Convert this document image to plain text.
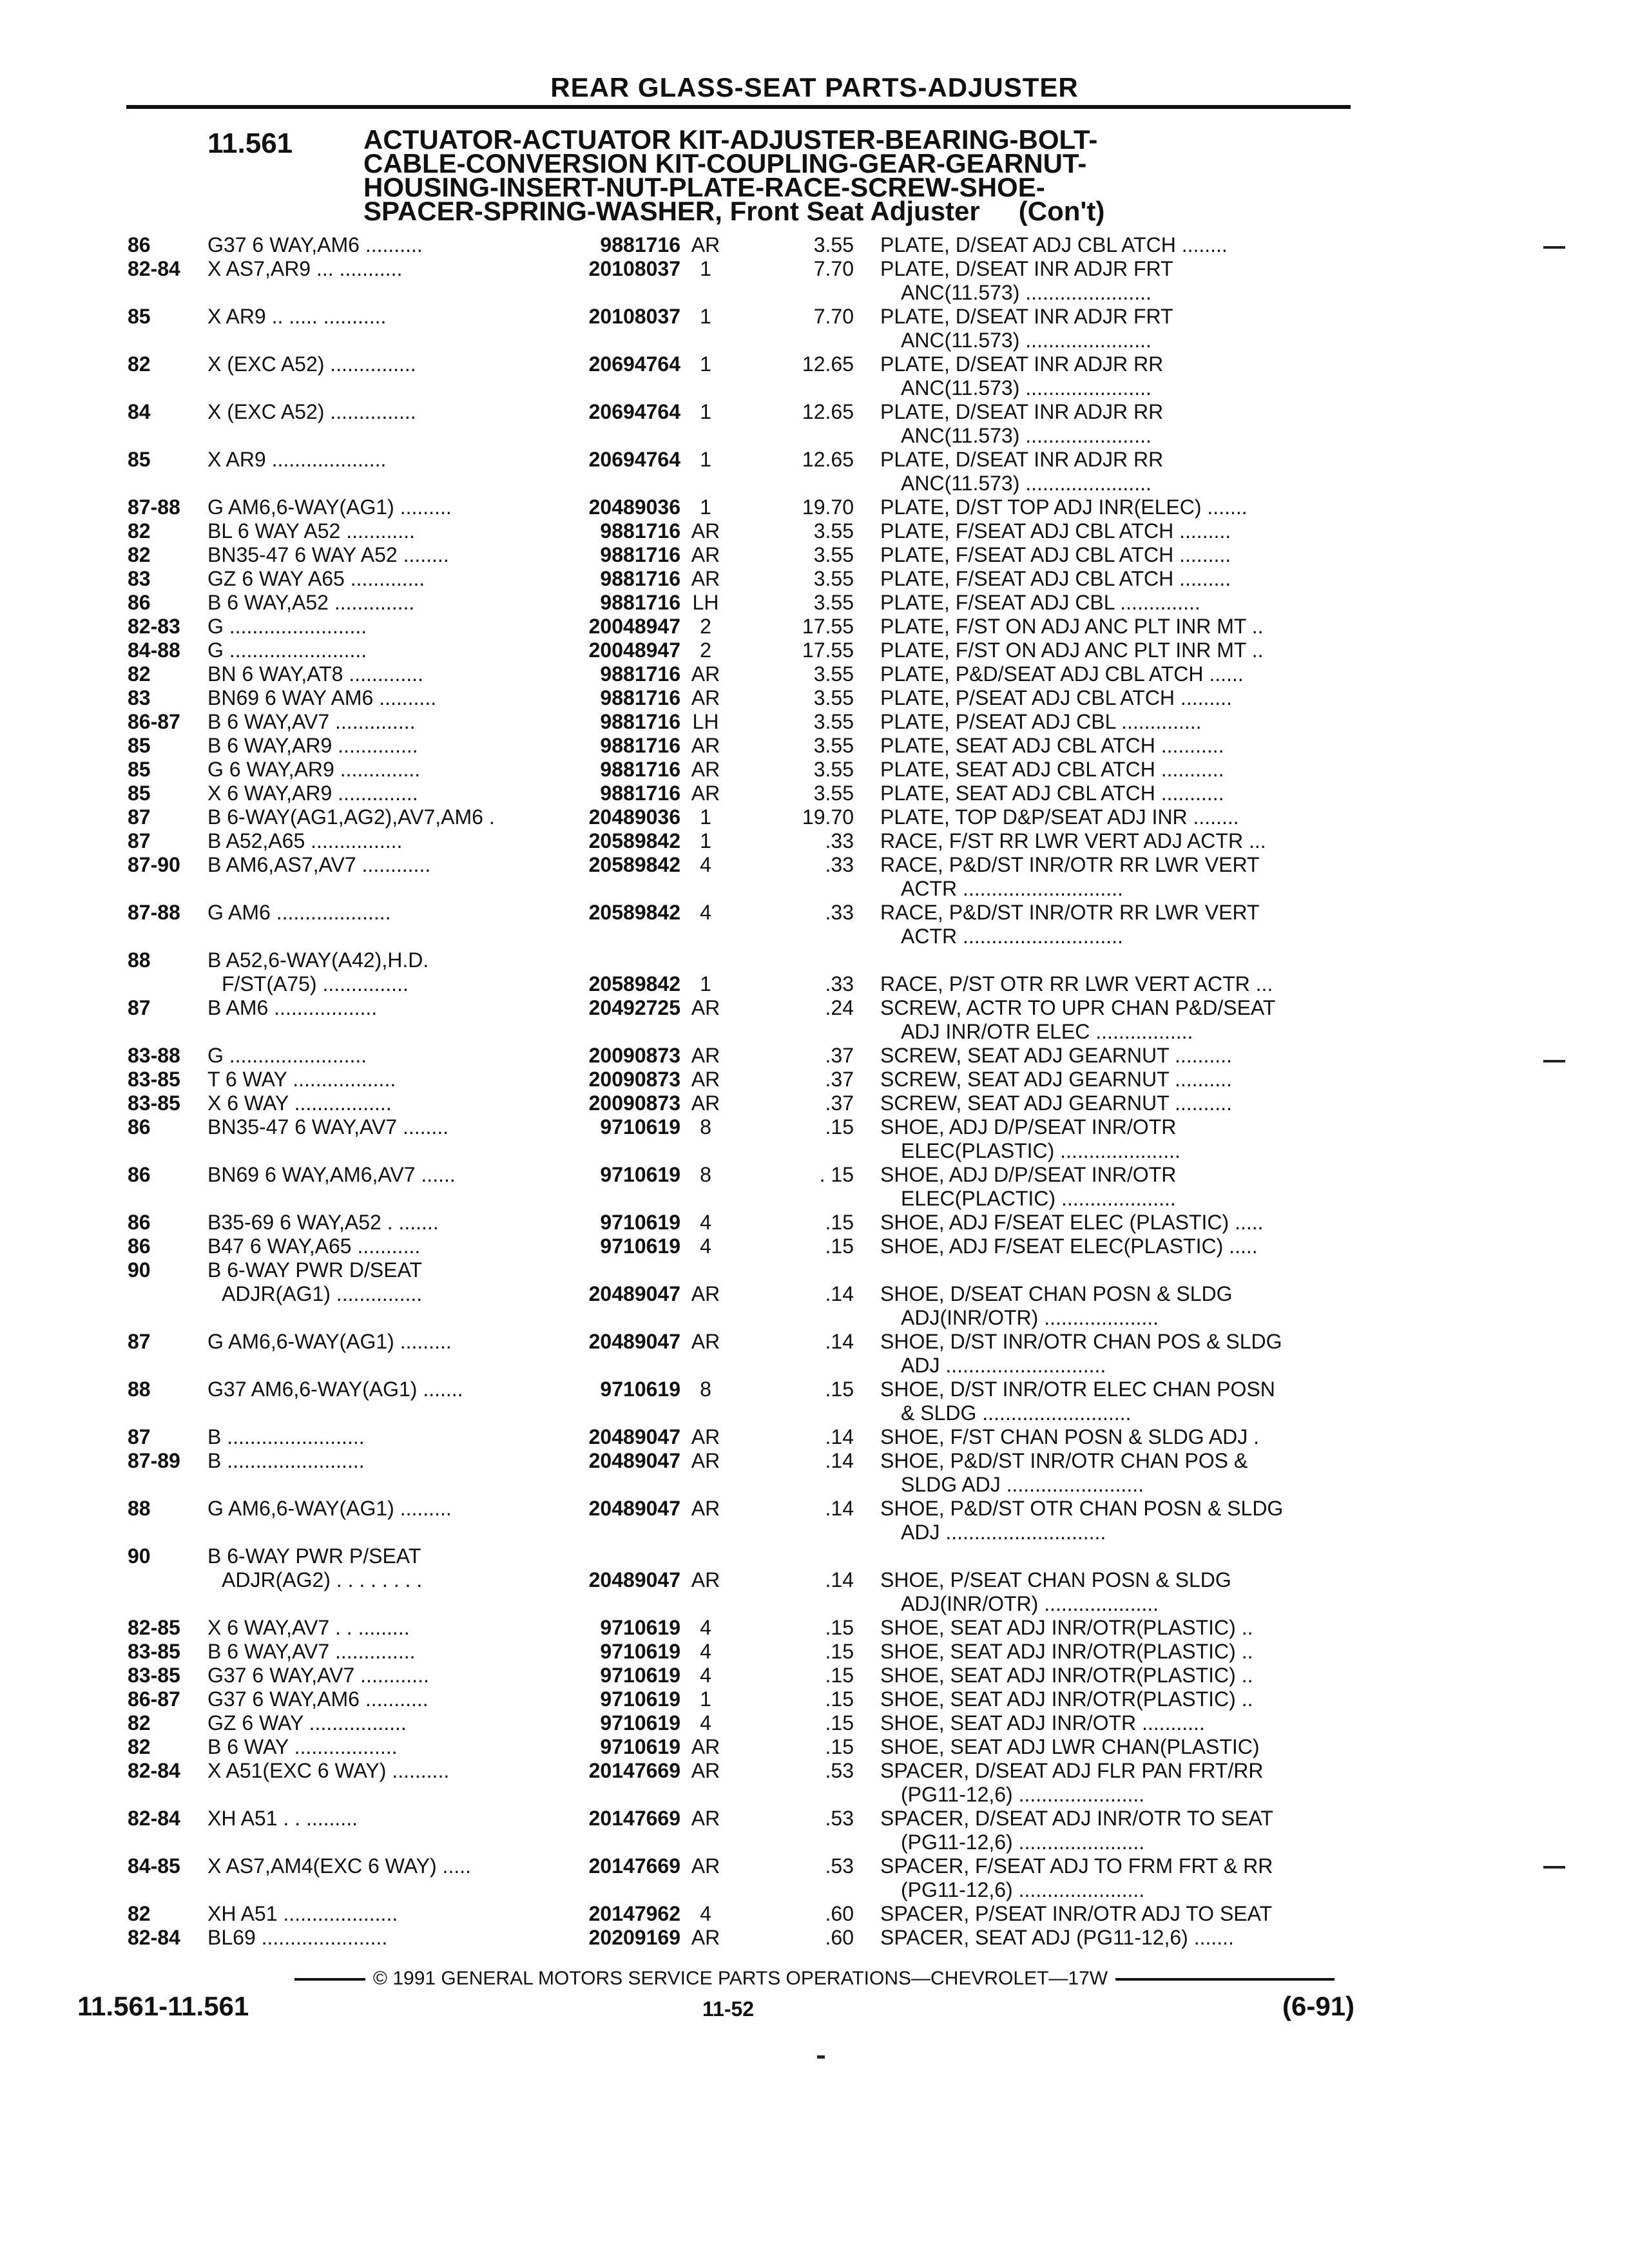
REAR GLASS-SEAT PARTS-ADJUSTER
11.561	ACTUATOR-ACTUATOR KIT-ADJUSTER-BEARING-BOLT-
CABLE-CONVERSION KIT-COUPLING-GEAR-GEARNUT-
HOUSING-INSERT-NUT-PLATE-RACE-SCREW-SHOE-
SPACER-SPRING-WASHER, Front Seat Adjuster (Con't)
86	G37 6 WAY,AM6 ..........	9881716 AR	3.55 PLATE, D/SEAT ADJ CBL ATCH ........
82-84 X AS7,AR9 ... ...........	20108037 1	7.70 PLATE, D/SEAT INR ADJR FRT
ANC(11.573) ......................
85	X AR9 .. ..... ...........	20108037 1	7.70 PLATE, D/SEAT INR ADJR FRT
ANC(11.573) ......................
82	X (EXC A52) ...............	20694764 1	12.65 PLATE, D/SEAT INR ADJR RR
ANC(11.573) ......................
84	X (EXC A52) ...............	20694764 1	12.65 PLATE, D/SEAT INR ADJR RR
ANC(11.573) ......................
85	X AR9 ....................	20694764 1	12.65 PLATE, D/SEAT INR ADJR RR
ANC(11.573) ......................
87-88 G AM6,6-WAY(AG1) .........	20489036 1	19.70 PLATE, D/ST TOP ADJ INR(ELEC) .......
82	BL 6 WAY A52 ............	9881716 AR	3.55 PLATE, F/SEAT ADJ CBL ATCH .........
82	BN35-47 6 WAY A52 ........	9881716 AR	3.55 PLATE, F/SEAT ADJ CBL ATCH .........
83	GZ 6 WAY A65 .............	9881716 AR	3.55 PLATE, F/SEAT ADJ CBL ATCH .........
86	B 6 WAY,A52 ..............	9881716 LH	3.55 PLATE, F/SEAT ADJ CBL ..............
82-83 G ........................	20048947 2	17.55 PLATE, F/ST ON ADJ ANC PLT INR MT ..
84-88 G ........................	20048947 2	17.55 PLATE, F/ST ON ADJ ANC PLT INR MT ..
82	BN 6 WAY,AT8 .............	9881716 AR	3.55 PLATE, P&D/SEAT ADJ CBL ATCH ......
83	BN69 6 WAY AM6 ..........	9881716 AR	3.55 PLATE, P/SEAT ADJ CBL ATCH .........
86-87 B 6 WAY,AV7 ..............	9881716 LH	3.55 PLATE, P/SEAT ADJ CBL ..............
85	B 6 WAY,AR9 ..............	9881716 AR	3.55 PLATE, SEAT ADJ CBL ATCH ...........
85	G 6 WAY,AR9 ..............	9881716 AR	3.55 PLATE, SEAT ADJ CBL ATCH ...........
85	X 6 WAY,AR9 ..............	9881716 AR	3.55 PLATE, SEAT ADJ CBL ATCH ...........
87	B 6-WAY(AG1,AG2),AV7,AM6 .	20489036 1	19.70 PLATE, TOP D&P/SEAT ADJ INR ........
87	B A52,A65 ................	20589842 1	.33 RACE, F/ST RR LWR VERT ADJ ACTR ...
87-90 B AM6,AS7,AV7 ............	20589842 4	.33 RACE, P&D/ST INR/OTR RR LWR VERT
ACTR ............................
87-88 G AM6 ....................	20589842 4	.33 RACE, P&D/ST INR/OTR RR LWR VERT
ACTR ............................
88	B A52,6-WAY(A42),H.D.
F/ST(A75) ...............	20589842 1	.33 RACE, P/ST OTR RR LWR VERT ACTR ...
87	B AM6 ..................	20492725 AR	.24 SCREW, ACTR TO UPR CHAN P&D/SEAT
ADJ INR/OTR ELEC .................
83-88 G ........................	20090873 AR	.37 SCREW, SEAT ADJ GEARNUT ..........
83-85 T 6 WAY ..................	20090873 AR	.37 SCREW, SEAT ADJ GEARNUT ..........
83-85 X 6 WAY .................	20090873 AR	.37 SCREW, SEAT ADJ GEARNUT ..........
86	BN35-47 6 WAY,AV7 ........	9710619 8	.15 SHOE, ADJ D/P/SEAT INR/OTR
ELEC(PLASTIC) .....................
86	BN69 6 WAY,AM6,AV7 ......	9710619 8	. 15 SHOE, ADJ D/P/SEAT INR/OTR
ELEC(PLACTIC) ....................
86	B35-69 6 WAY,A52 . .......	9710619 4	.15 SHOE, ADJ F/SEAT ELEC (PLASTIC) .....
86	B47 6 WAY,A65 ...........	9710619 4	.15 SHOE, ADJ F/SEAT ELEC(PLASTIC) .....
90	B 6-WAY PWR D/SEAT
ADJR(AG1) ...............	20489047 AR	.14 SHOE, D/SEAT CHAN POSN & SLDG
ADJ(INR/OTR) ....................
87	G AM6,6-WAY(AG1) .........	20489047 AR	.14 SHOE, D/ST INR/OTR CHAN POS & SLDG
ADJ ............................
88	G37 AM6,6-WAY(AG1) .......	9710619 8	.15 SHOE, D/ST INR/OTR ELEC CHAN POSN
& SLDG ..........................
87	B ........................	20489047 AR	.14 SHOE, F/ST CHAN POSN & SLDG ADJ .
87-89 B ........................	20489047 AR	.14 SHOE, P&D/ST INR/OTR CHAN POS &
SLDG ADJ ........................
88	G AM6,6-WAY(AG1) .........	20489047 AR	.14 SHOE, P&D/ST OTR CHAN POSN & SLDG
ADJ ............................
90	B 6-WAY PWR P/SEAT
ADJR(AG2) . . . . . . . .	20489047 AR	.14 SHOE, P/SEAT CHAN POSN & SLDG
ADJ(INR/OTR) ....................
82-85 X 6 WAY,AV7 . . .........	9710619 4	.15 SHOE, SEAT ADJ INR/OTR(PLASTIC) ..
83-85 B 6 WAY,AV7 ..............	9710619 4	.15 SHOE, SEAT ADJ INR/OTR(PLASTIC) ..
83-85 G37 6 WAY,AV7 ............	9710619 4	.15 SHOE, SEAT ADJ INR/OTR(PLASTIC) ..
86-87 G37 6 WAY,AM6 ...........	9710619 1	.15 SHOE, SEAT ADJ INR/OTR(PLASTIC) ..
82	GZ 6 WAY .................	9710619 4	.15 SHOE, SEAT ADJ INR/OTR ...........
82	B 6 WAY ..................	9710619 AR	.15 SHOE, SEAT ADJ LWR CHAN(PLASTIC)
82-84 X A51(EXC 6 WAY) ..........	20147669 AR	.53 SPACER, D/SEAT ADJ FLR PAN FRT/RR
(PG11-12,6) ......................
82-84 XH A51 . . .........	20147669 AR	.53 SPACER, D/SEAT ADJ INR/OTR TO SEAT
(PG11-12,6) ......................
84-85 X AS7,AM4(EXC 6 WAY) .....	20147669 AR	.53 SPACER, F/SEAT ADJ TO FRM FRT & RR
(PG11-12,6) ......................
82	XH A51 ....................	20147962 4	.60 SPACER, P/SEAT INR/OTR ADJ TO SEAT
82-84 BL69 ......................	20209169 AR	.60 SPACER, SEAT ADJ (PG11-12,6) .......
© 1991 GENERAL MOTORS SERVICE PARTS OPERATIONS—CHEVROLET—17W
11.561-11.561	11-52	(6-91)
